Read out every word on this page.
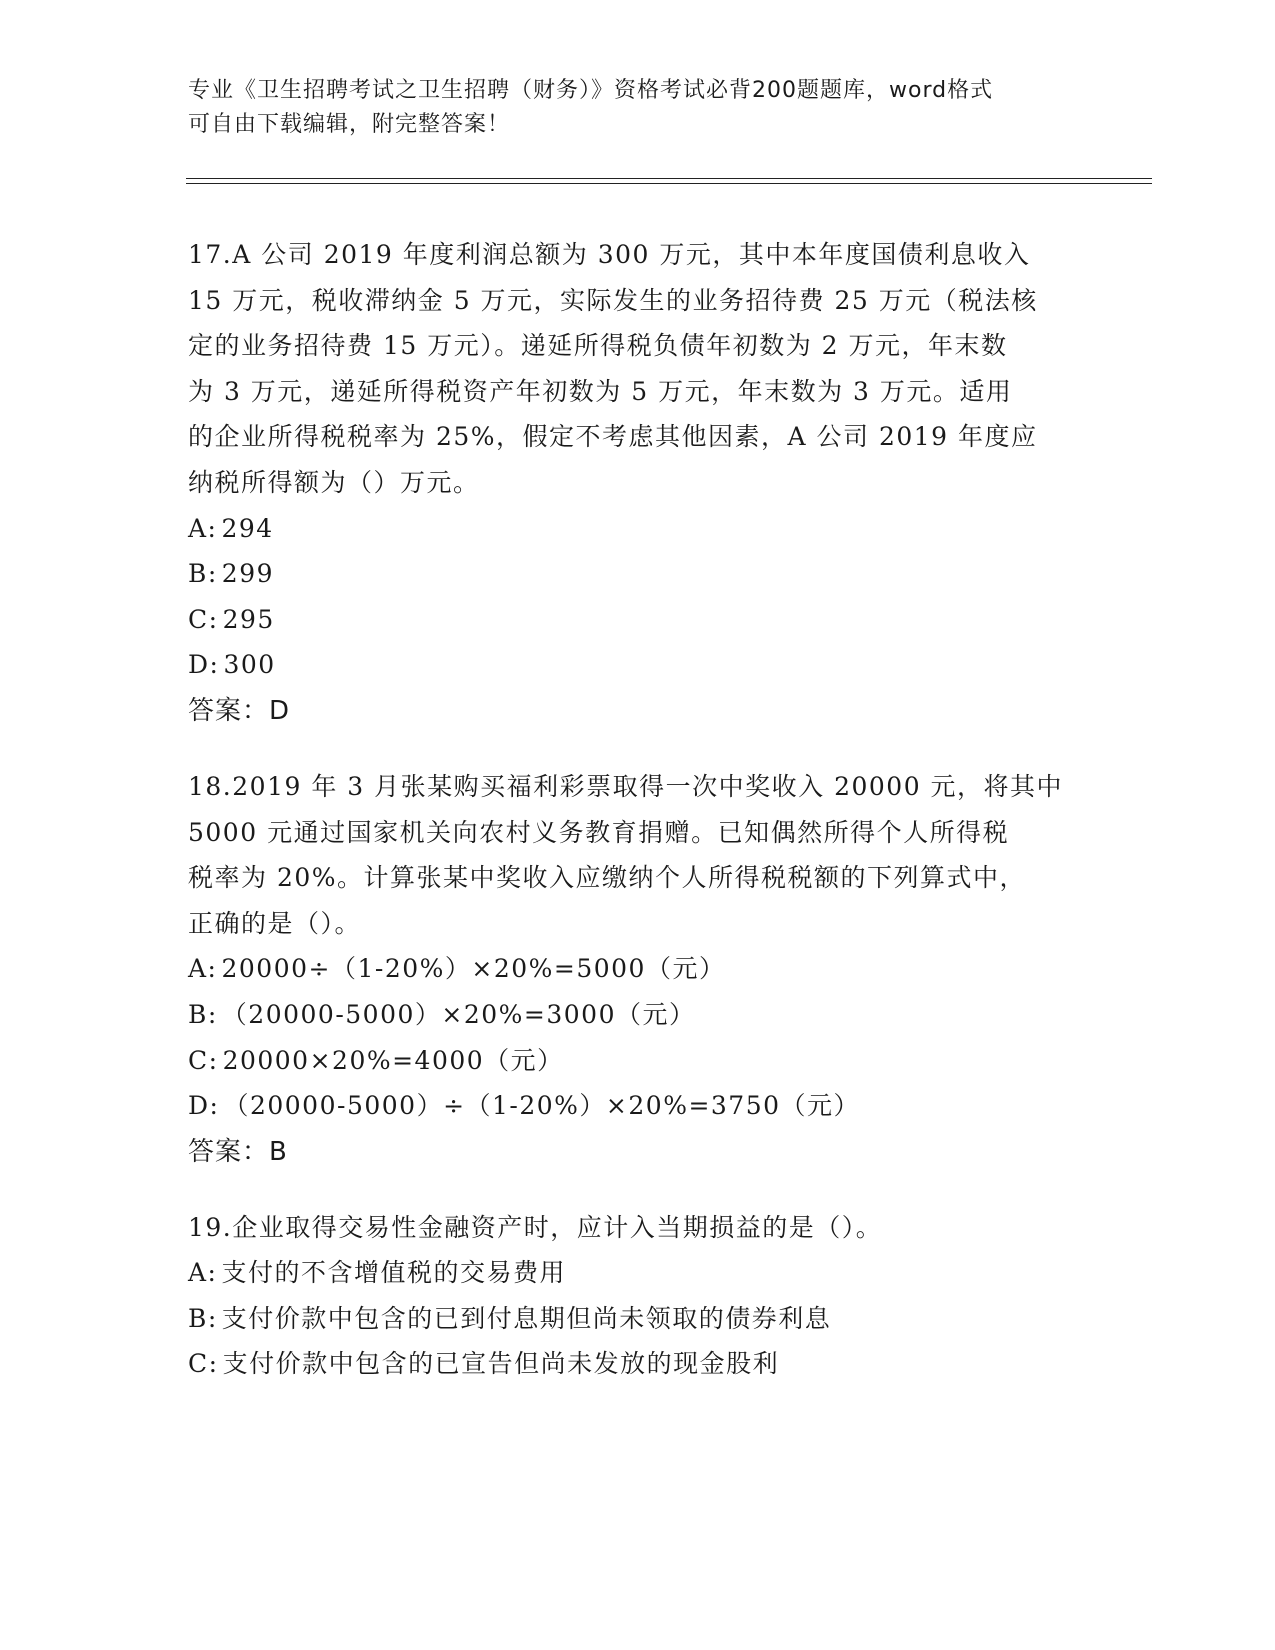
专业《卫生招聘考试之卫生招聘（财务）》资格考试必背200题题库，word格式
可自由下载编辑，附完整答案！
17.A 公司 2019 年度利润总额为 300 万元，其中本年度国债利息收入
15 万元，税收滞纳金 5 万元，实际发生的业务招待费 25 万元（税法核
定的业务招待费 15 万元）。递延所得税负债年初数为 2 万元，年末数
为 3 万元，递延所得税资产年初数为 5 万元，年末数为 3 万元。适用
的企业所得税税率为 25%，假定不考虑其他因素，A 公司 2019 年度应
纳税所得额为（）万元。
A: 294
B: 299
C: 295
D: 300
答案：D
18.2019 年 3 月张某购买福利彩票取得一次中奖收入 20000 元，将其中
5000 元通过国家机关向农村义务教育捐赠。已知偶然所得个人所得税
税率为 20%。计算张某中奖收入应缴纳个人所得税税额的下列算式中，
正确的是（）。
A: 20000÷（1-20%）×20%=5000（元）
B: （20000-5000）×20%=3000（元）
C: 20000×20%=4000（元）
D: （20000-5000）÷（1-20%）×20%=3750（元）
答案：B
19.企业取得交易性金融资产时，应计入当期损益的是（）。
A: 支付的不含增值税的交易费用
B: 支付价款中包含的已到付息期但尚未领取的债券利息
C: 支付价款中包含的已宣告但尚未发放的现金股利
